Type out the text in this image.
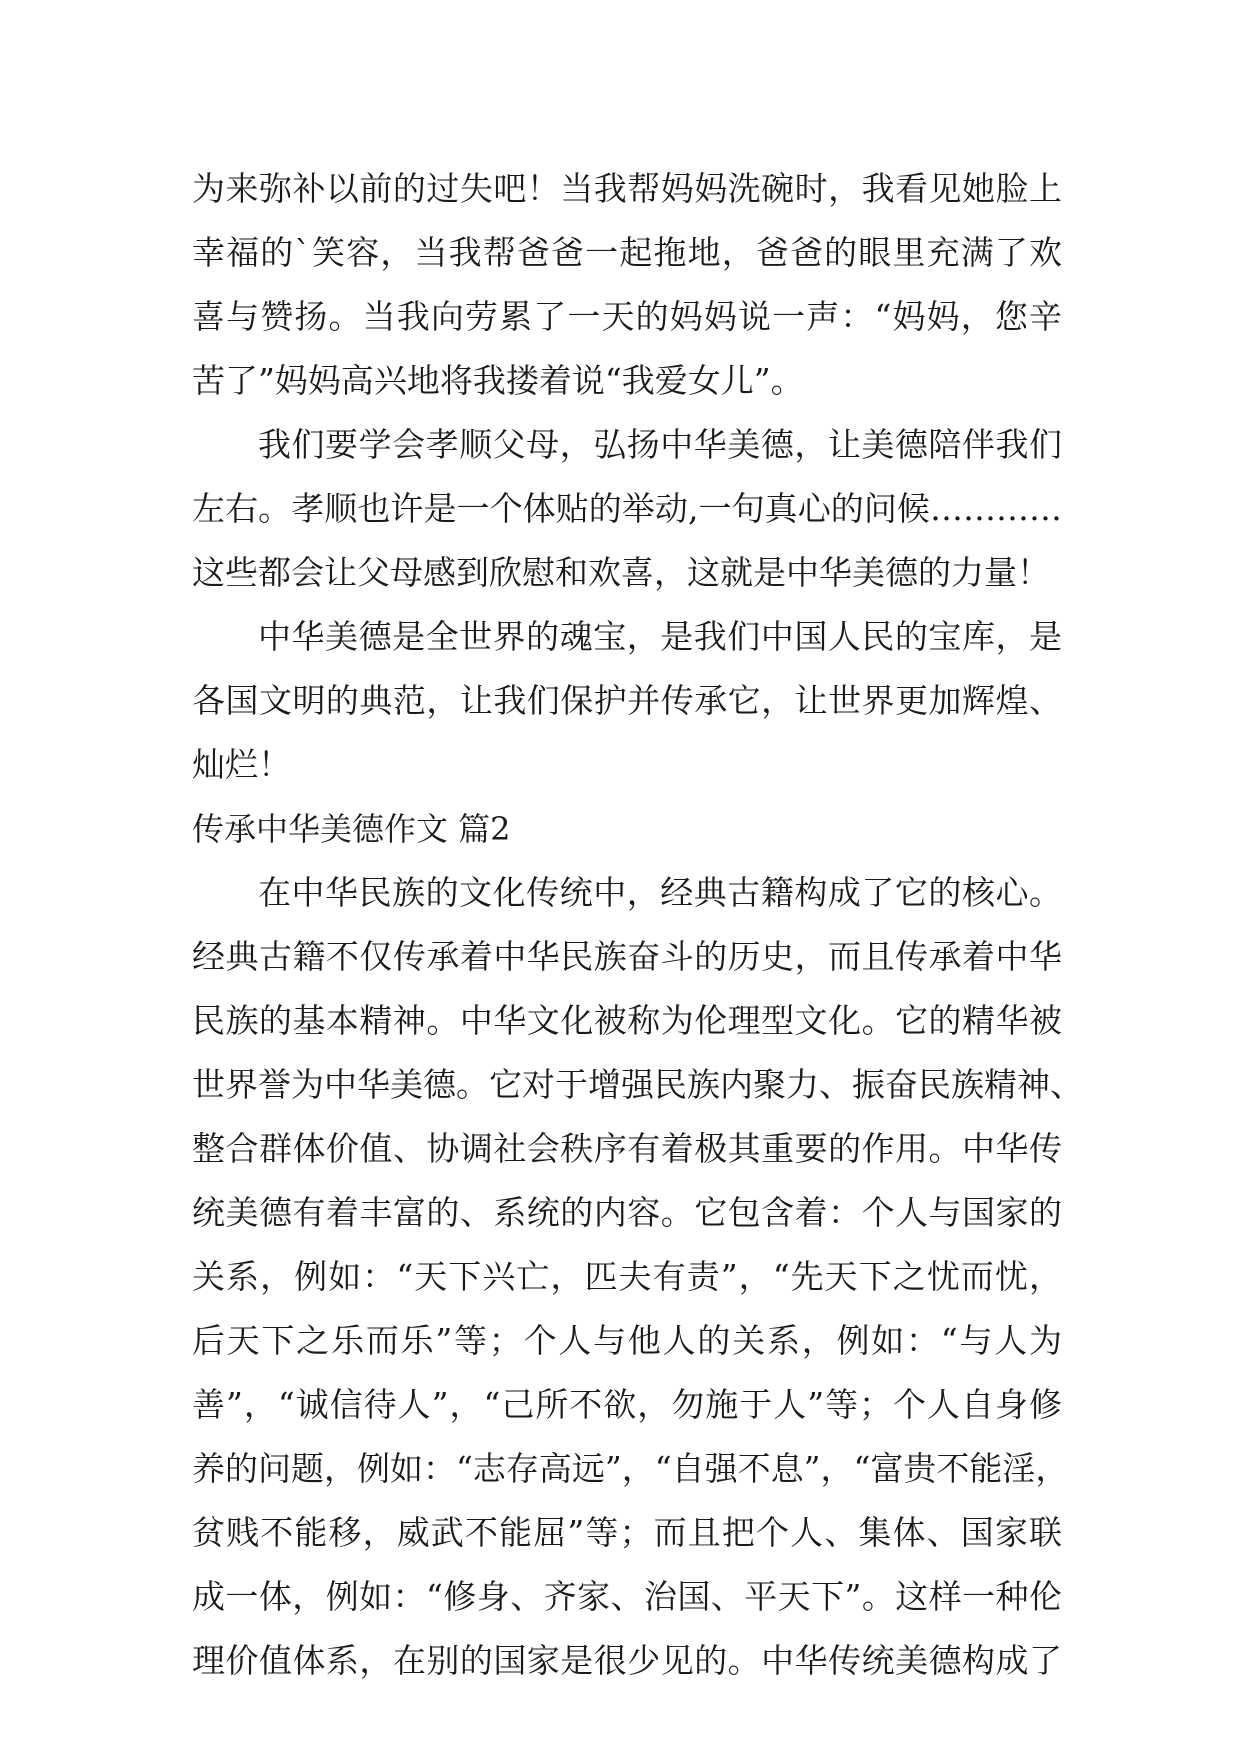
为来弥补以前的过失吧！当我帮妈妈洗碗时，我看见她脸上
幸福的`笑容，当我帮爸爸一起拖地，爸爸的眼里充满了欢
喜与赞扬。当我向劳累了一天的妈妈说一声：“妈妈，您辛
苦了”妈妈高兴地将我搂着说“我爱女儿”。
我们要学会孝顺父母，弘扬中华美德，让美德陪伴我们
左右。孝顺也许是一个体贴的举动,一句真心的问候…………
这些都会让父母感到欣慰和欢喜，这就是中华美德的力量！
中华美德是全世界的魂宝，是我们中国人民的宝库，是
各国文明的典范，让我们保护并传承它，让世界更加辉煌、
灿烂！
传承中华美德作文 篇2
在中华民族的文化传统中，经典古籍构成了它的核心。
经典古籍不仅传承着中华民族奋斗的历史，而且传承着中华
民族的基本精神。中华文化被称为伦理型文化。它的精华被
世界誉为中华美德。它对于增强民族内聚力、振奋民族精神、
整合群体价值、协调社会秩序有着极其重要的作用。中华传
统美德有着丰富的、系统的内容。它包含着：个人与国家的
关系，例如：“天下兴亡，匹夫有责”，“先天下之忧而忧，
后天下之乐而乐”等；个人与他人的关系，例如：“与人为
善”，“诚信待人”，“己所不欲，勿施于人”等；个人自身修
养的问题，例如：“志存高远”，“自强不息”，“富贵不能淫，
贫贱不能移，威武不能屈”等；而且把个人、集体、国家联
成一体，例如：“修身、齐家、治国、平天下”。这样一种伦
理价值体系，在别的国家是很少见的。中华传统美德构成了
